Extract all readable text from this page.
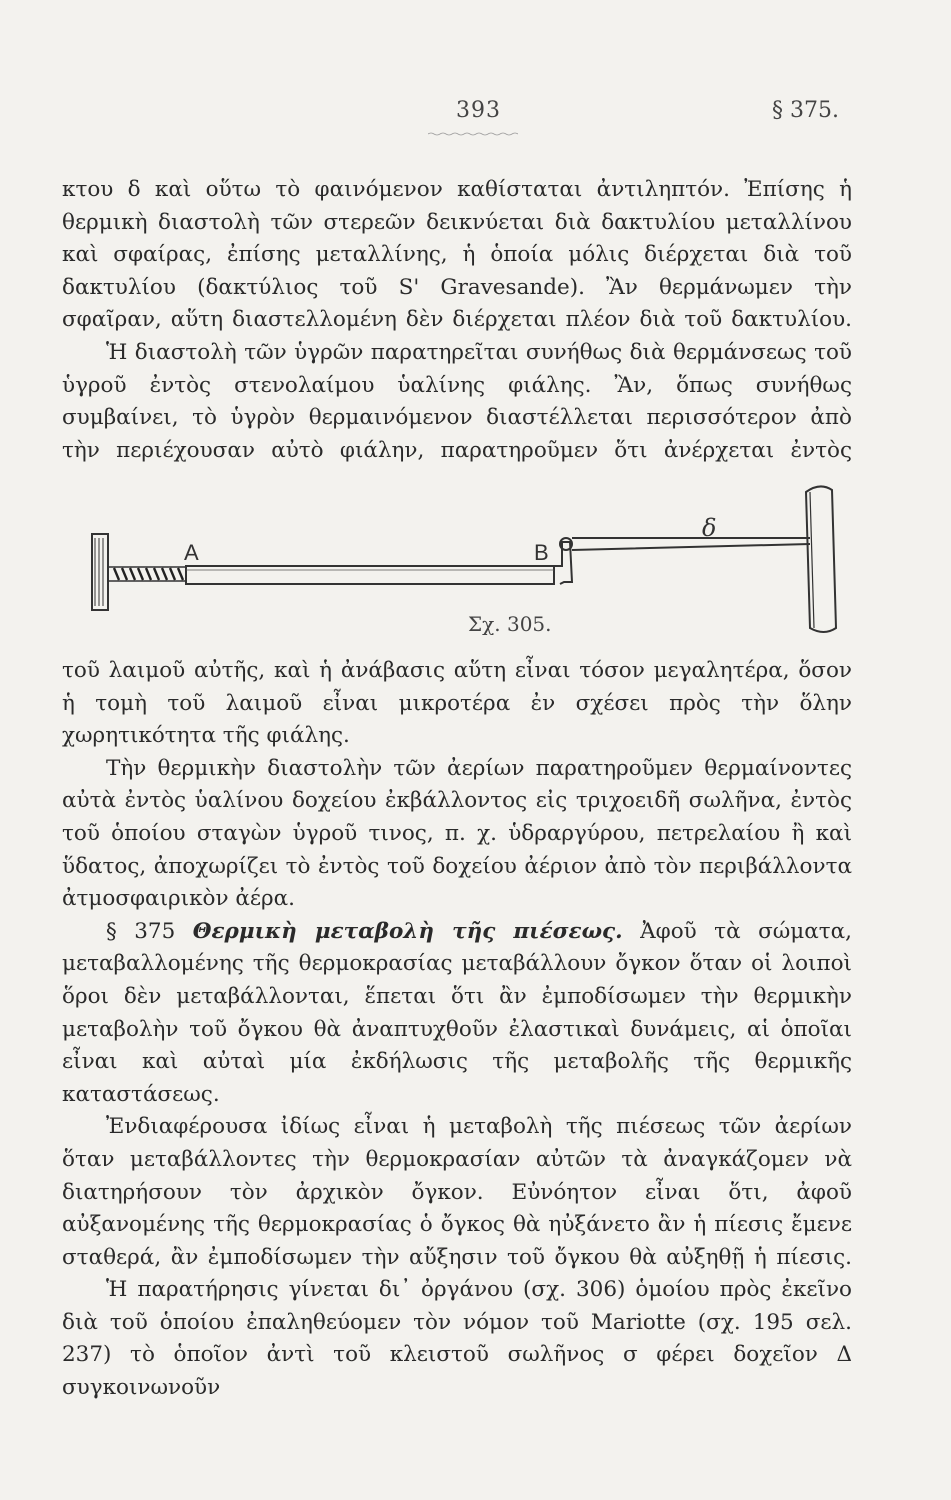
393	§ 375.

κτου δ καὶ οὕτω τὸ φαινόμενον καθίσταται ἀντιληπτόν. Ἐπίσης ἡ θερμικὴ διαστολὴ τῶν στερεῶν δεικνύεται διὰ δακτυλίου μεταλλίνου καὶ σφαίρας, ἐπίσης μεταλλίνης, ἡ ὁποία μόλις διέρχεται διὰ τοῦ δακτυλίου (δακτύλιος τοῦ S' Gravesande). Ἂν θερμάνωμεν τὴν σφαῖραν, αὕτη διαστελλομένη δὲν διέρχεται πλέον διὰ τοῦ δακτυλίου.

Ἡ διαστολὴ τῶν ὑγρῶν παρατηρεῖται συνήθως διὰ θερμάνσεως τοῦ ὑγροῦ ἐντὸς στενολαίμου ὑαλίνης φιάλης. Ἂν, ὅπως συνήθως συμβαίνει, τὸ ὑγρὸν θερμαινόμενον διαστέλλεται περισσότερον ἀπὸ τὴν περιέχουσαν αὐτὸ φιάλην, παρατηροῦμεν ὅτι ἀνέρχεται ἐντὸς

A	B
δ
Σχ. 305.

τοῦ λαιμοῦ αὐτῆς, καὶ ἡ ἀνάβασις αὕτη εἶναι τόσον μεγαλητέρα, ὅσον ἡ τομὴ τοῦ λαιμοῦ εἶναι μικροτέρα ἐν σχέσει πρὸς τὴν ὅλην χωρητικότητα τῆς φιάλης.

Τὴν θερμικὴν διαστολὴν τῶν ἀερίων παρατηροῦμεν θερμαίνοντες αὐτὰ ἐντὸς ὑαλίνου δοχείου ἐκβάλλοντος εἰς τριχοειδῆ σωλῆνα, ἐντὸς τοῦ ὁποίου σταγὼν ὑγροῦ τινος, π. χ. ὑδραργύρου, πετρελαίου ἢ καὶ ὕδατος, ἀποχωρίζει τὸ ἐντὸς τοῦ δοχείου ἀέριον ἀπὸ τὸν περιβάλλοντα ἀτμοσφαιρικὸν ἀέρα.

§ 375 Θερμικὴ μεταβολὴ τῆς πιέσεως. Ἀφοῦ τὰ σώματα, μεταβαλλομένης τῆς θερμοκρασίας μεταβάλλουν ὄγκον ὅταν οἱ λοιποὶ ὅροι δὲν μεταβάλλονται, ἕπεται ὅτι ἂν ἐμποδίσωμεν τὴν θερμικὴν μεταβολὴν τοῦ ὄγκου θὰ ἀναπτυχθοῦν ἐλαστικαὶ δυνάμεις, αἱ ὁποῖαι εἶναι καὶ αὐταὶ μία ἐκδήλωσις τῆς μεταβολῆς τῆς θερμικῆς καταστάσεως.

Ἐνδιαφέρουσα ἰδίως εἶναι ἡ μεταβολὴ τῆς πιέσεως τῶν ἀερίων ὅταν μεταβάλλοντες τὴν θερμοκρασίαν αὐτῶν τὰ ἀναγκάζομεν νὰ διατηρήσουν τὸν ἀρχικὸν ὄγκον. Εὐνόητον εἶναι ὅτι, ἀφοῦ αὐξανομένης τῆς θερμοκρασίας ὁ ὄγκος θὰ ηὐξάνετο ἂν ἡ πίεσις ἔμενε σταθερά, ἂν ἐμποδίσωμεν τὴν αὔξησιν τοῦ ὄγκου θὰ αὐξηθῇ ἡ πίεσις.

Ἡ παρατήρησις γίνεται δι᾽ ὀργάνου (σχ. 306) ὁμοίου πρὸς ἐκεῖνο διὰ τοῦ ὁποίου ἐπαληθεύομεν τὸν νόμον τοῦ Mariotte (σχ. 195 σελ. 237) τὸ ὁποῖον ἀντὶ τοῦ κλειστοῦ σωλῆνος σ φέρει δοχεῖον Δ συγκοινωνοῦν
